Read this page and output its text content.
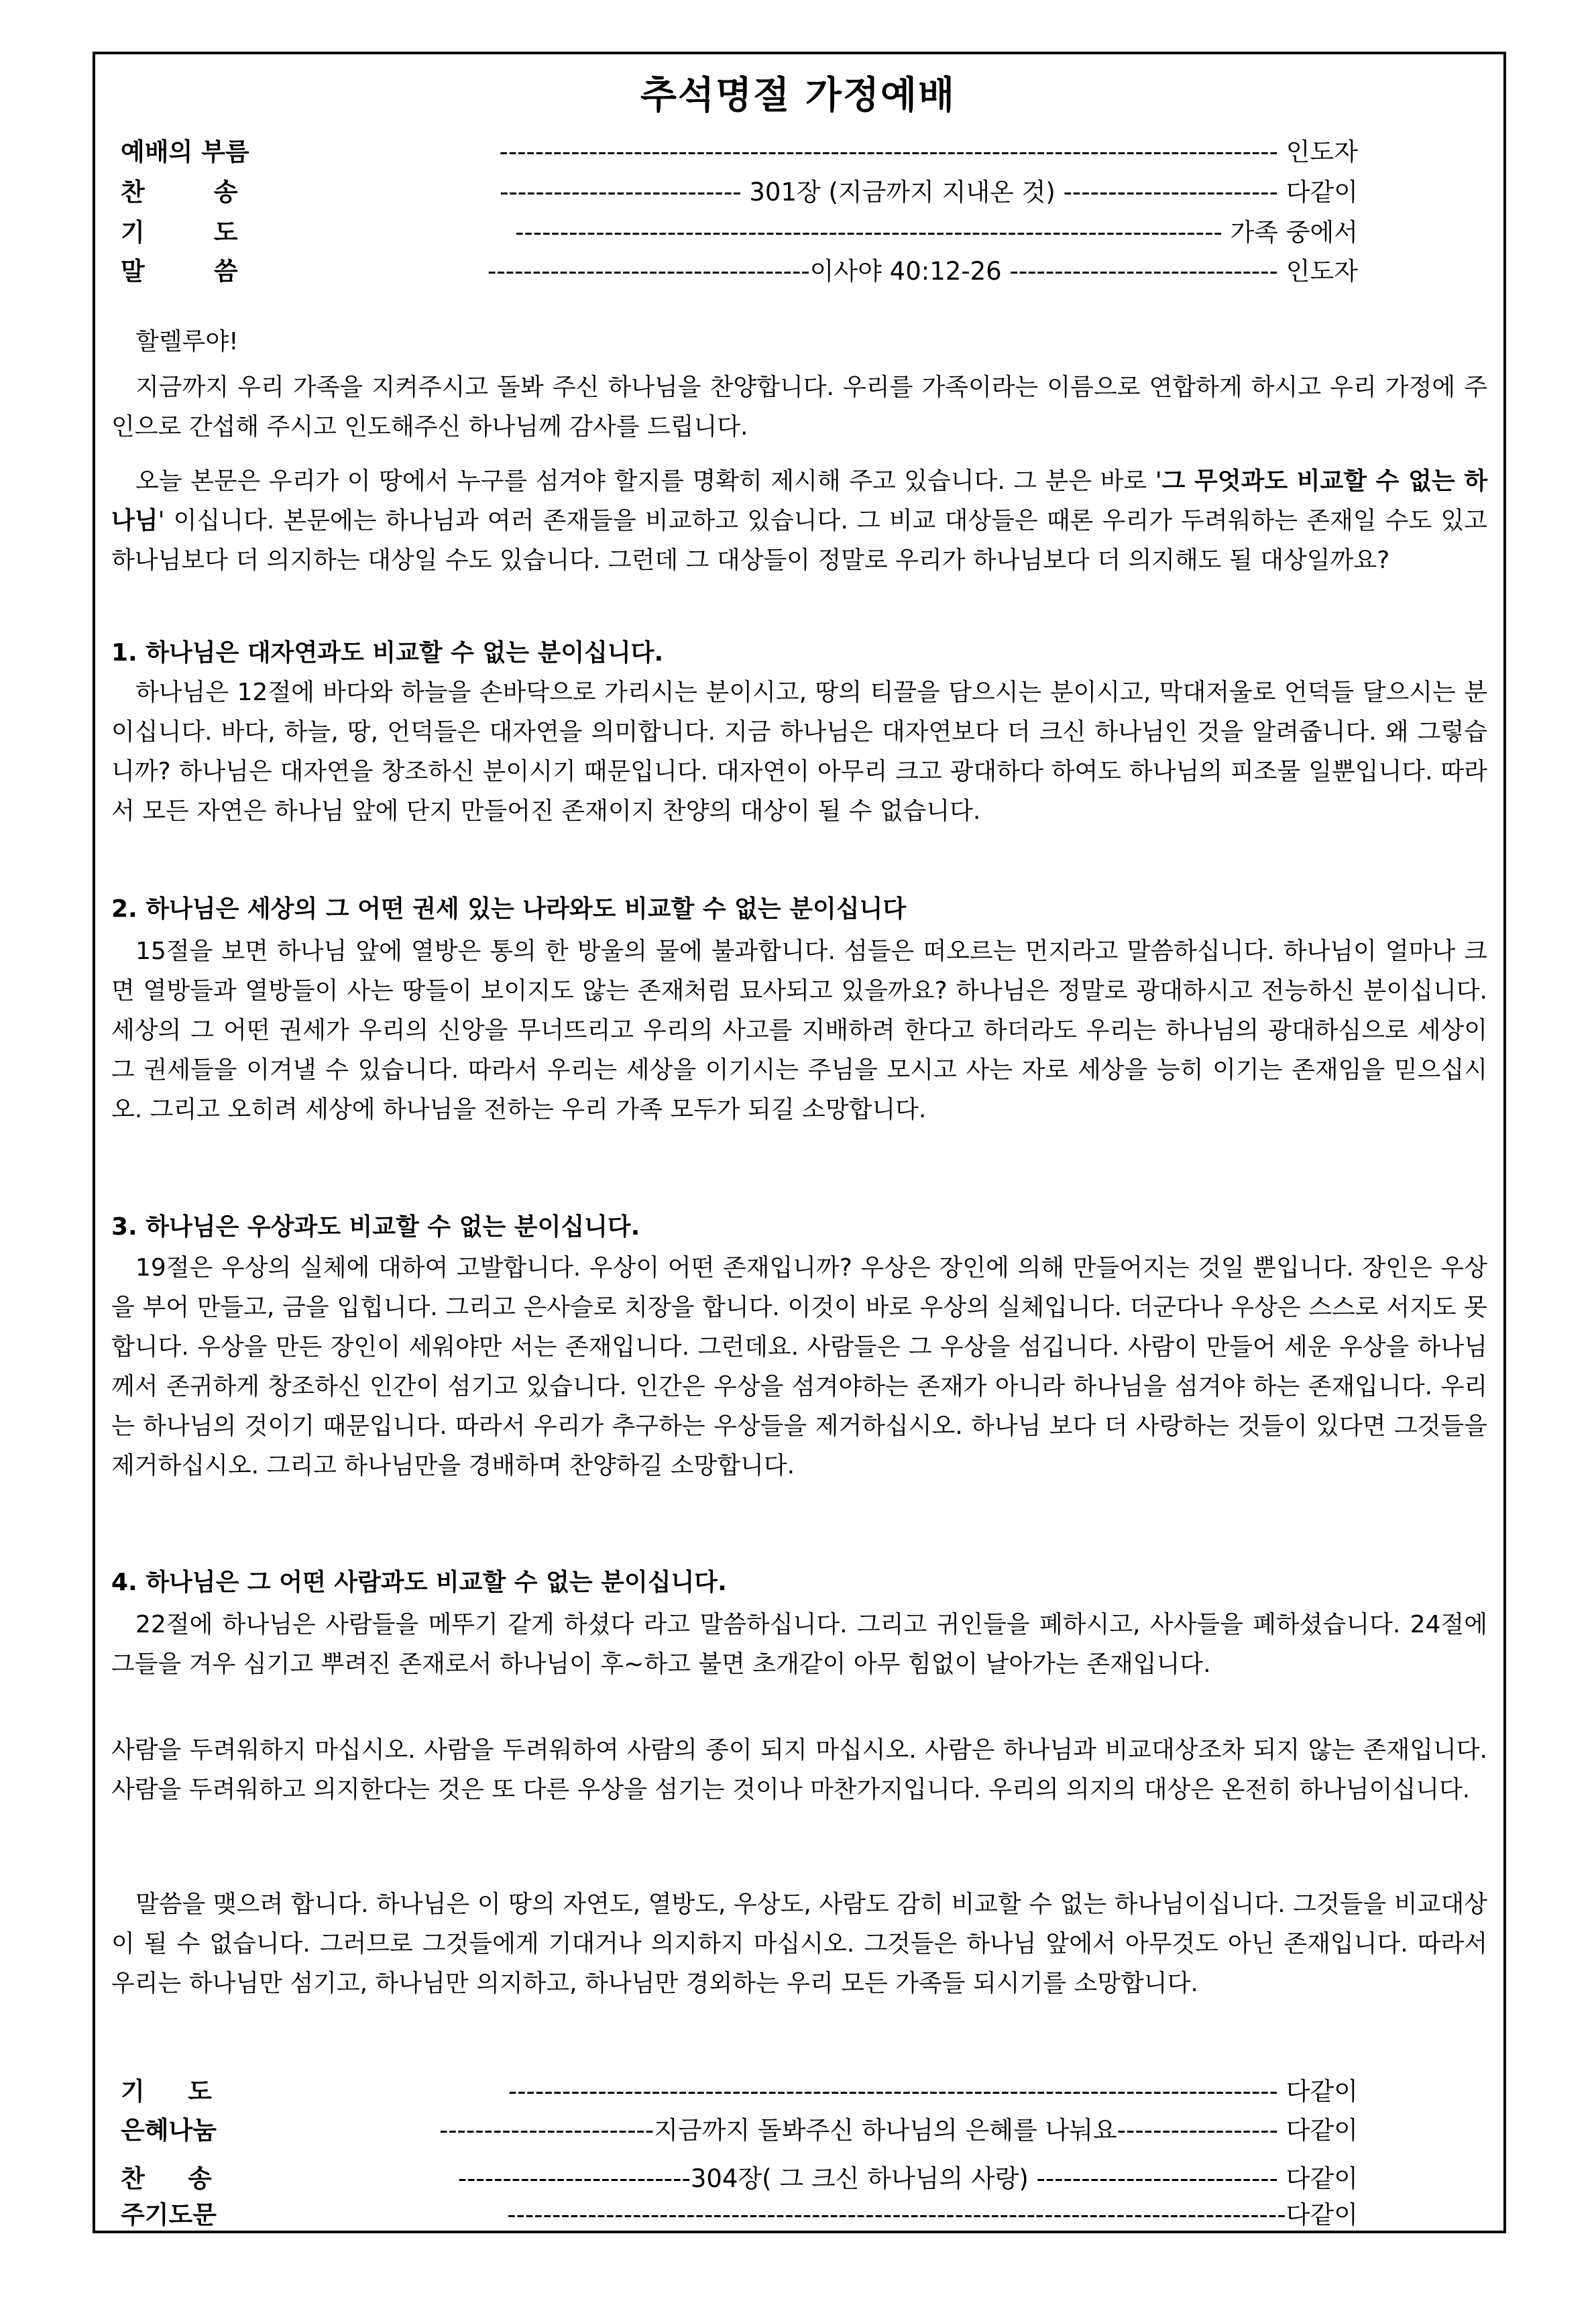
추석명절 가정예배
예배의 부름	--------------------------------------------------------------------------------------- 인도자
찬        송	--------------------------- 301장 (지금까지 지내온 것) ------------------------ 다같이
기        도	------------------------------------------------------------------------------- 가족 중에서
말        씀	------------------------------------이사야 40:12-26 ------------------------------ 인도자

할렐루야!

지금까지 우리 가족을 지켜주시고 돌봐 주신 하나님을 찬양합니다. 우리를 가족이라는 이름으로 연합하게 하시고 우리 가정에 주인으로 간섭해 주시고 인도해주신 하나님께 감사를 드립니다.

오늘 본문은 우리가 이 땅에서 누구를 섬겨야 할지를 명확히 제시해 주고 있습니다. 그 분은 바로 '그 무엇과도 비교할 수 없는 하나님' 이십니다. 본문에는 하나님과 여러 존재들을 비교하고 있습니다. 그 비교 대상들은 때론 우리가 두려워하는 존재일 수도 있고 하나님보다 더 의지하는 대상일 수도 있습니다. 그런데 그 대상들이 정말로 우리가 하나님보다 더 의지해도 될 대상일까요?

1. 하나님은 대자연과도 비교할 수 없는 분이십니다.

하나님은 12절에 바다와 하늘을 손바닥으로 가리시는 분이시고, 땅의 티끌을 담으시는 분이시고, 막대저울로 언덕들 달으시는 분이십니다. 바다, 하늘, 땅, 언덕들은 대자연을 의미합니다. 지금 하나님은 대자연보다 더 크신 하나님인 것을 알려줍니다. 왜 그렇습니까? 하나님은 대자연을 창조하신 분이시기 때문입니다. 대자연이 아무리 크고 광대하다 하여도 하나님의 피조물 일뿐입니다. 따라서 모든 자연은 하나님 앞에 단지 만들어진 존재이지 찬양의 대상이 될 수 없습니다.

2. 하나님은 세상의 그 어떤 권세 있는 나라와도 비교할 수 없는 분이십니다

15절을 보면 하나님 앞에 열방은 통의 한 방울의 물에 불과합니다. 섬들은 떠오르는 먼지라고 말씀하십니다. 하나님이 얼마나 크면 열방들과 열방들이 사는 땅들이 보이지도 않는 존재처럼 묘사되고 있을까요? 하나님은 정말로 광대하시고 전능하신 분이십니다. 세상의 그 어떤 권세가 우리의 신앙을 무너뜨리고 우리의 사고를 지배하려 한다고 하더라도 우리는 하나님의 광대하심으로 세상이 그 권세들을 이겨낼 수 있습니다. 따라서 우리는 세상을 이기시는 주님을 모시고 사는 자로 세상을 능히 이기는 존재임을 믿으십시오. 그리고 오히려 세상에 하나님을 전하는 우리 가족 모두가 되길 소망합니다.

3. 하나님은 우상과도 비교할 수 없는 분이십니다.

19절은 우상의 실체에 대하여 고발합니다. 우상이 어떤 존재입니까? 우상은 장인에 의해 만들어지는 것일 뿐입니다. 장인은 우상을 부어 만들고, 금을 입힙니다. 그리고 은사슬로 치장을 합니다. 이것이 바로 우상의 실체입니다. 더군다나 우상은 스스로 서지도 못합니다. 우상을 만든 장인이 세워야만 서는 존재입니다. 그런데요. 사람들은 그 우상을 섬깁니다. 사람이 만들어 세운 우상을 하나님께서 존귀하게 창조하신 인간이 섬기고 있습니다. 인간은 우상을 섬겨야하는 존재가 아니라 하나님을 섬겨야 하는 존재입니다. 우리는 하나님의 것이기 때문입니다. 따라서 우리가 추구하는 우상들을 제거하십시오. 하나님 보다 더 사랑하는 것들이 있다면 그것들을 제거하십시오. 그리고 하나님만을 경배하며 찬양하길 소망합니다.

4. 하나님은 그 어떤 사람과도 비교할 수 없는 분이십니다.

22절에 하나님은 사람들을 메뚜기 같게 하셨다 라고 말씀하십니다. 그리고 귀인들을 폐하시고, 사사들을 폐하셨습니다. 24절에 그들을 겨우 심기고 뿌려진 존재로서 하나님이 후~하고 불면 초개같이 아무 힘없이 날아가는 존재입니다.

사람을 두려워하지 마십시오. 사람을 두려워하여 사람의 종이 되지 마십시오. 사람은 하나님과 비교대상조차 되지 않는 존재입니다. 사람을 두려워하고 의지한다는 것은 또 다른 우상을 섬기는 것이나 마찬가지입니다. 우리의 의지의 대상은 온전히 하나님이십니다.

말씀을 맺으려 합니다. 하나님은 이 땅의 자연도, 열방도, 우상도, 사람도 감히 비교할 수 없는 하나님이십니다. 그것들을 비교대상이 될 수 없습니다. 그러므로 그것들에게 기대거나 의지하지 마십시오. 그것들은 하나님 앞에서 아무것도 아닌 존재입니다. 따라서 우리는 하나님만 섬기고, 하나님만 의지하고, 하나님만 경외하는 우리 모든 가족들 되시기를 소망합니다.

기     도	-------------------------------------------------------------------------------------- 다같이
은혜나눔	------------------------지금까지 돌봐주신 하나님의 은혜를 나눠요------------------ 다같이
찬     송	--------------------------304장( 그 크신 하나님의 사랑) --------------------------- 다같이
주기도문	---------------------------------------------------------------------------------------다같이
